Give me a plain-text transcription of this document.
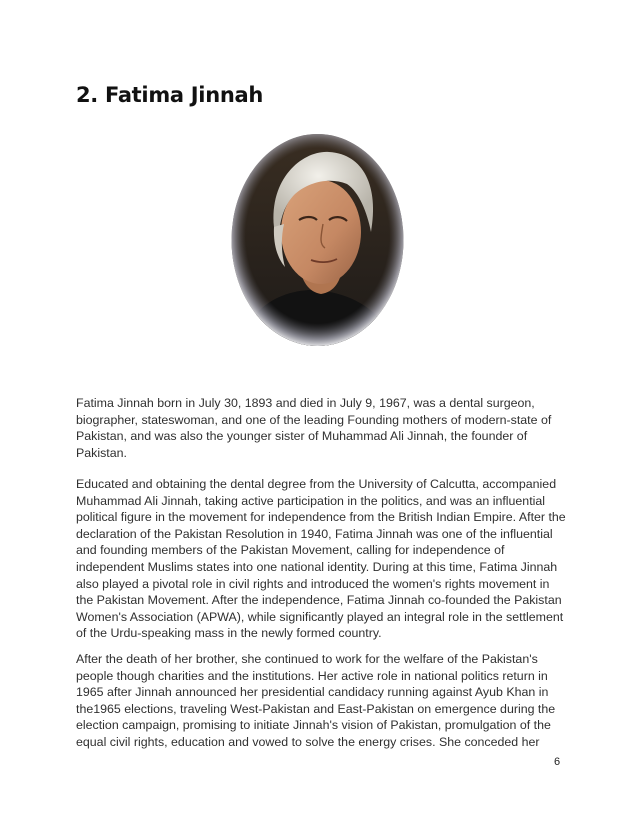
2. Fatima Jinnah

Fatima Jinnah born in July 30, 1893 and died in July 9, 1967, was a dental surgeon, biographer, stateswoman, and one of the leading Founding mothers of modern-state of Pakistan, and was also the younger sister of Muhammad Ali Jinnah, the founder of Pakistan.

Educated and obtaining the dental degree from the University of Calcutta, accompanied Muhammad Ali Jinnah, taking active participation in the politics, and was an influential political figure in the movement for independence from the British Indian Empire. After the declaration of the Pakistan Resolution in 1940, Fatima Jinnah was one of the influential and founding members of the Pakistan Movement, calling for independence of independent Muslims states into one national identity. During at this time, Fatima Jinnah also played a pivotal role in civil rights and introduced the women's rights movement in the Pakistan Movement. After the independence, Fatima Jinnah co-founded the Pakistan Women's Association (APWA), while significantly played an integral role in the settlement of the Urdu-speaking mass in the newly formed country.

After the death of her brother, she continued to work for the welfare of the Pakistan's people though charities and the institutions. Her active role in national politics return in 1965 after Jinnah announced her presidential candidacy running against Ayub Khan in the1965 elections, traveling West-Pakistan and East-Pakistan on emergence during the election campaign, promising to initiate Jinnah's vision of Pakistan, promulgation of the equal civil rights, education and vowed to solve the energy crises. She conceded her

6
